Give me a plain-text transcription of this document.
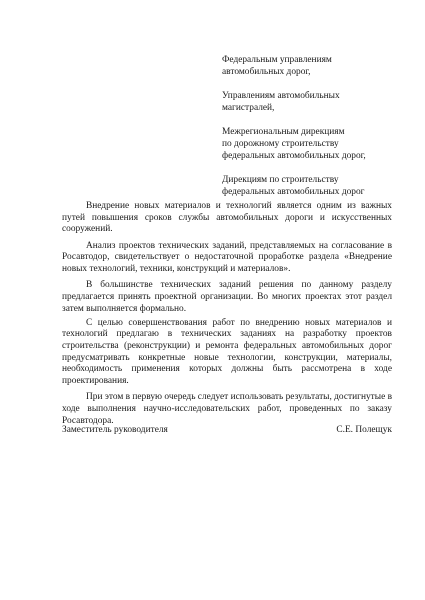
Федеральным управлениям
автомобильных дорог,
Управлениям автомобильных
магистралей,
Межрегиональным дирекциям
по дорожному строительству
федеральных автомобильных дорог,
Дирекциям по строительству
федеральных автомобильных дорог

Внедрение новых материалов и технологий является одним из важных путей повышения сроков службы автомобильных дороги и искусственных сооружений.

Анализ проектов технических заданий, представляемых на согласование в Росавтодор, свидетельствует о недостаточной проработке раздела «Внедрение новых технологий, техники, конструкций и материалов».

В большинстве технических заданий решения по данному разделу предлагается принять проектной организации. Во многих проектах этот раздел затем выполняется формально.

С целью совершенствования работ по внедрению новых материалов и технологий предлагаю в технических заданиях на разработку проектов строительства (реконструкции) и ремонта федеральных автомобильных дорог предусматривать конкретные новые технологии, конструкции, материалы, необходимость применения которых должны быть рассмотрена в ходе проектирования.

При этом в первую очередь следует использовать результаты, достигнутые в ходе выполнения научно-исследовательских работ, проведенных по заказу Росавтодора.

Заместитель руководителя	С.Е. Полещук
